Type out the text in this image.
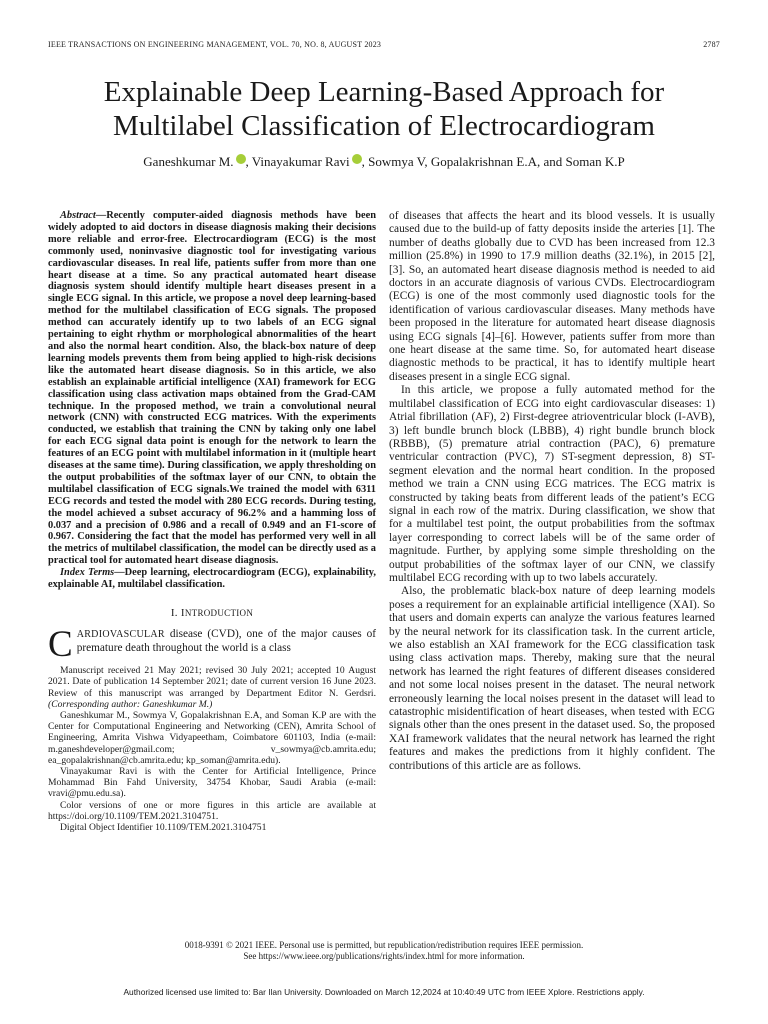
IEEE TRANSACTIONS ON ENGINEERING MANAGEMENT, VOL. 70, NO. 8, AUGUST 2023	2787
Explainable Deep Learning-Based Approach for
Multilabel Classification of Electrocardiogram
Ganeshkumar M. , Vinayakumar Ravi , Sowmya V, Gopalakrishnan E.A, and Soman K.P

Abstract—Recently computer-aided diagnosis methods have been widely adopted to aid doctors in disease diagnosis making their decisions more reliable and error-free. Electrocardiogram (ECG) is the most commonly used, noninvasive diagnostic tool for investigating various cardiovascular diseases. In real life, patients suffer from more than one heart disease at a time. So any practical automated heart disease diagnosis system should identify multiple heart diseases present in a single ECG signal. In this article, we propose a novel deep learning-based method for the multilabel classification of ECG signals. The proposed method can accurately identify up to two labels of an ECG signal pertaining to eight rhythm or morphological abnormalities of the heart and also the normal heart condition. Also, the black-box nature of deep learning models prevents them from being applied to high-risk decisions like the automated heart disease diagnosis. So in this article, we also establish an explainable artificial intelligence (XAI) framework for ECG classification using class activation maps obtained from the Grad-CAM technique. In the proposed method, we train a convolutional neural network (CNN) with constructed ECG matrices. With the experiments conducted, we establish that training the CNN by taking only one label for each ECG signal data point is enough for the network to learn the features of an ECG point with multilabel information in it (multiple heart diseases at the same time). During classification, we apply thresholding on the output probabilities of the softmax layer of our CNN, to obtain the multilabel classification of ECG signals.We trained the model with 6311 ECG records and tested the model with 280 ECG records. During testing, the model achieved a subset accuracy of 96.2% and a hamming loss of 0.037 and a precision of 0.986 and a recall of 0.949 and an F1-score of 0.967. Considering the fact that the model has performed very well in all the metrics of multilabel classification, the model can be directly used as a practical tool for automated heart disease diagnosis.

Index Terms—Deep learning, electrocardiogram (ECG), explainability, explainable AI, multilabel classification.

I. INTRODUCTION

CARDIOVASCULAR disease (CVD), one of the major causes of premature death throughout the world is a class

Manuscript received 21 May 2021; revised 30 July 2021; accepted 10 August 2021. Date of publication 14 September 2021; date of current version 16 June 2023. Review of this manuscript was arranged by Department Editor N. Gerdsri. (Corresponding author: Ganeshkumar M.)

Ganeshkumar M., Sowmya V, Gopalakrishnan E.A, and Soman K.P are with the Center for Computational Engineering and Networking (CEN), Amrita School of Engineering, Amrita Vishwa Vidyapeetham, Coimbatore 601103, India (e-mail: m.ganeshdeveloper@gmail.com; v_sowmya@cb.amrita.edu; ea_gopalakrishnan@cb.amrita.edu; kp_soman@amrita.edu).

Vinayakumar Ravi is with the Center for Artificial Intelligence, Prince Mohammad Bin Fahd University, 34754 Khobar, Saudi Arabia (e-mail: vravi@pmu.edu.sa).

Color versions of one or more figures in this article are available at https://doi.org/10.1109/TEM.2021.3104751.

Digital Object Identifier 10.1109/TEM.2021.3104751

of diseases that affects the heart and its blood vessels. It is usually caused due to the build-up of fatty deposits inside the arteries [1]. The number of deaths globally due to CVD has been increased from 12.3 million (25.8%) in 1990 to 17.9 million deaths (32.1%), in 2015 [2], [3]. So, an automated heart disease diagnosis method is needed to aid doctors in an accurate diagnosis of various CVDs. Electrocardiogram (ECG) is one of the most commonly used diagnostic tools for the identification of various cardiovascular diseases. Many methods have been proposed in the literature for automated heart disease diagnosis using ECG signals [4]–[6]. However, patients suffer from more than one heart disease at the same time. So, for automated heart disease diagnostic methods to be practical, it has to identify multiple heart diseases present in a single ECG signal.

In this article, we propose a fully automated method for the multilabel classification of ECG into eight cardiovascular diseases: 1) Atrial fibrillation (AF), 2) First-degree atrioventricular block (I-AVB), 3) left bundle brunch block (LBBB), 4) right bundle brunch block (RBBB), (5) premature atrial contraction (PAC), 6) premature ventricular contraction (PVC), 7) ST-segment depression, 8) ST-segment elevation and the normal heart condition. In the proposed method we train a CNN using ECG matrices. The ECG matrix is constructed by taking beats from different leads of the patient’s ECG signal in each row of the matrix. During classification, we show that for a multilabel test point, the output probabilities from the softmax layer corresponding to correct labels will be of the same order of magnitude. Further, by applying some simple thresholding on the output probabilities of the softmax layer of our CNN, we classify multilabel ECG recording with up to two labels accurately.

Also, the problematic black-box nature of deep learning models poses a requirement for an explainable artificial intelligence (XAI). So that users and domain experts can analyze the various features learned by the neural network for its classification task. In the current article, we also establish an XAI framework for the ECG classification task using class activation maps. Thereby, making sure that the neural network has learned the right features of different diseases considered and not some local noises present in the dataset. The neural network erroneously learning the local noises present in the dataset will lead to catastrophic misidentification of heart diseases, when tested with ECG signals other than the ones present in the dataset used. So, the proposed XAI framework validates that the neural network has learned the right features and makes the predictions from it highly confident. The contributions of this article are as follows.

0018-9391 © 2021 IEEE. Personal use is permitted, but republication/redistribution requires IEEE permission.
See https://www.ieee.org/publications/rights/index.html for more information.
Authorized licensed use limited to: Bar Ilan University. Downloaded on March 12,2024 at 10:40:49 UTC from IEEE Xplore. Restrictions apply.
